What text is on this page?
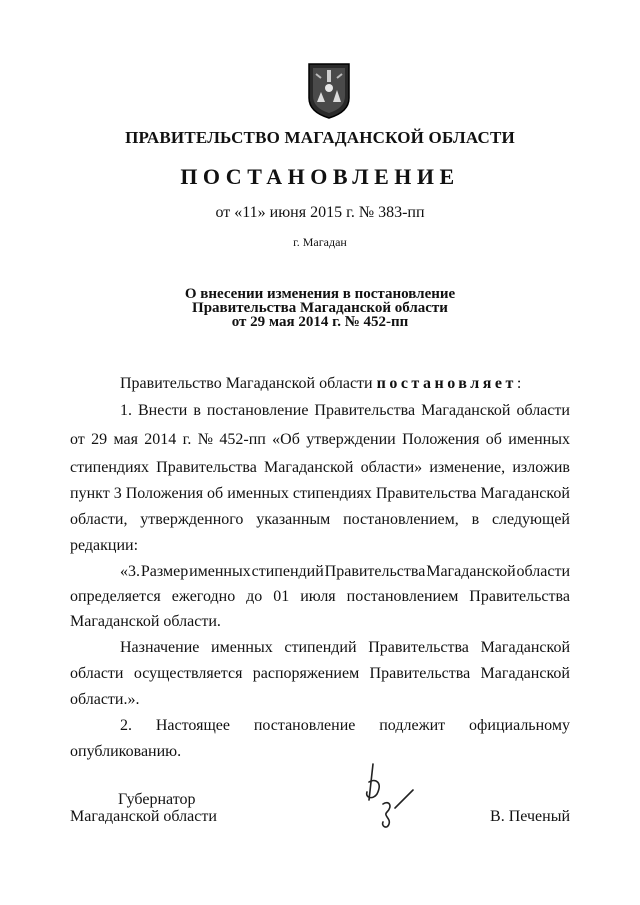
ПРАВИТЕЛЬСТВО МАГАДАНСКОЙ ОБЛАСТИ
ПОСТАНОВЛЕНИЕ
от «11» июня 2015 г. № 383-пп
г. Магадан
О внесении изменения в постановление
Правительства Магаданской области
от 29 мая 2014 г. № 452-пп
Правительство Магаданской области постановляет:
1. Внести в постановление Правительства Магаданской области
от 29 мая 2014 г. № 452-пп «Об утверждении Положения об именных
стипендиях Правительства Магаданской области» изменение, изложив
пункт 3 Положения об именных стипендиях Правительства Магаданской
области, утвержденного указанным постановлением, в следующей
редакции:
«3. Размер именных стипендий Правительства Магаданской области
определяется ежегодно до 01 июля постановлением Правительства
Магаданской области.
Назначение именных стипендий Правительства Магаданской
области осуществляется распоряжением Правительства Магаданской
области.».
2. Настоящее постановление подлежит официальному
опубликованию.
Губернатор
Магаданской области	В. Печеный
